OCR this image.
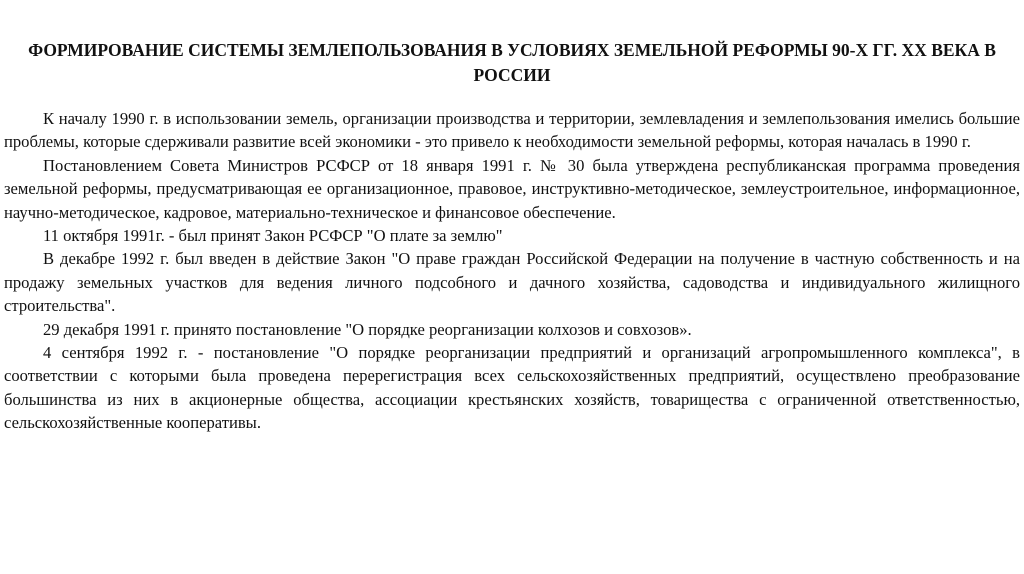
ФОРМИРОВАНИЕ СИСТЕМЫ ЗЕМЛЕПОЛЬЗОВАНИЯ В УСЛОВИЯХ ЗЕМЕЛЬНОЙ РЕФОРМЫ 90-Х ГГ. XX ВЕКА В РОССИИ

К началу 1990 г. в использовании земель, организации производства и территории, землевладения и землепользования имелись большие проблемы, которые сдерживали развитие всей экономики - это привело к необходимости земельной реформы, которая началась в 1990 г.

Постановлением Совета Министров РСФСР от 18 января 1991 г. № 30 была утверждена республиканская программа проведения земельной реформы, предусматривающая ее организационное, правовое, инструктивно-методическое, землеустроительное, информационное, научно-методическое, кадровое, материально-техническое и финансовое обеспечение.

11 октября 1991г. - был принят Закон РСФСР "О плате за землю"

В декабре 1992 г. был введен в действие Закон "О праве граждан Российской Федерации на получение в частную собственность и на продажу земельных участков для ведения личного подсобного и дачного хозяйства, садоводства и индивидуального жилищного строительства".

29 декабря 1991 г. принято постановление "О порядке реорганизации колхозов и совхозов».

4 сентября 1992 г. - постановление "О порядке реорганизации предприятий и организаций агропромышленного комплекса", в соответствии с которыми была проведена перерегистрация всех сельскохозяйственных предприятий, осуществлено преобразование большинства из них в акционерные общества, ассоциации крестьянских хозяйств, товарищества с ограниченной ответственностью, сельскохозяйственные кооперативы.
